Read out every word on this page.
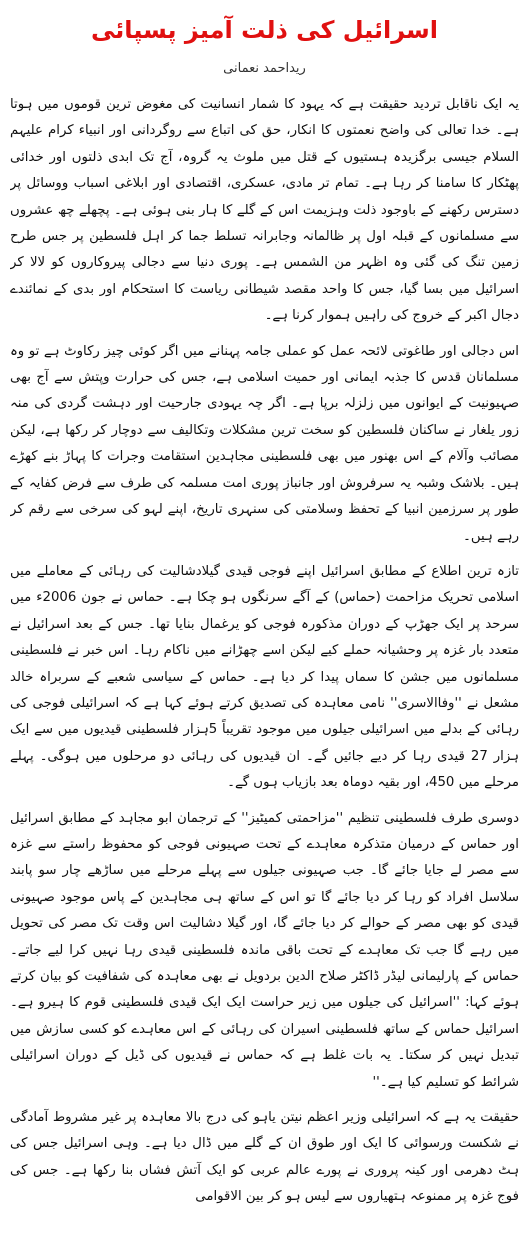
اسرائیل کی ذلت آمیز پسپائی
ریداحمد نعمانی

یہ ایک ناقابل تردید حقیقت ہے کہ یہود کا شمار انسانیت کی مغوض ترین قوموں میں ہوتا ہے۔ خدا تعالی کی واضح نعمتوں کا انکار، حق کی اتباع سے روگردانی اور انبیاء کرام علیہم السلام جیسی برگزیدہ ہستیوں کے قتل میں ملوث یہ گروہ، آج تک ابدی ذلتوں اور خدائی پھٹکار کا سامنا کر رہا ہے۔ تمام تر مادی، عسکری، اقتصادی اور ابلاغی اسباب ووسائل پر دسترس رکھنے کے باوجود ذلت وہزیمت اس کے گلے کا ہار بنی ہوئی ہے۔ پچھلے چھ عشروں سے مسلمانوں کے قبلہ اول پر ظالمانہ وجابرانہ تسلط جما کر اہل فلسطین پر جس طرح زمین تنگ کی گئی وہ اظہر من الشمس ہے۔ پوری دنیا سے دجالی پیروکاروں کو لالا کر اسرائیل میں بسا گیا، جس کا واحد مقصد شیطانی ریاست کا استحکام اور بدی کے نمائندے دجال اکبر کے خروج کی راہیں ہموار کرنا ہے۔

اس دجالی اور طاغوتی لائحہ عمل کو عملی جامہ پہنانے میں اگر کوئی چیز رکاوٹ ہے تو وہ مسلمانان قدس کا جذبہ ایمانی اور حمیت اسلامی ہے، جس کی حرارت وپتش سے آج بھی صہیونیت کے ایوانوں میں زلزلہ برپا ہے۔ اگر چہ یہودی جارحیت اور دہشت گردی کی منہ زور یلغار نے ساکنان فلسطین کو سخت ترین مشکلات وتکالیف سے دوچار کر رکھا ہے، لیکن مصائب وآلام کے اس بھنور میں بھی فلسطینی مجاہدین استقامت وجرات کا پہاڑ بنے کھڑے ہیں۔ بلاشک وشبہ یہ سرفروش اور جانباز پوری امت مسلمہ کی طرف سے فرض کفایہ کے طور پر سرزمین انبیا کے تحفظ وسلامتی کی سنہری تاریخ، اپنے لہو کی سرخی سے رقم کر رہے ہیں۔

تازہ ترین اطلاع کے مطابق اسرائیل اپنے فوجی قیدی گیلادشالیت کی رہائی کے معاملے میں اسلامی تحریک مزاحمت (حماس) کے آگے سرنگوں ہو چکا ہے۔ حماس نے جون 2006ء میں سرحد پر ایک جھڑپ کے دوران مذکورہ فوجی کو یرغمال بنایا تھا۔ جس کے بعد اسرائیل نے متعدد بار غزہ پر وحشیانہ حملے کیے لیکن اسے چھڑانے میں ناکام رہا۔ اس خبر نے فلسطینی مسلمانوں میں جشن کا سماں پیدا کر دیا ہے۔ حماس کے سیاسی شعبے کے سربراہ خالد مشعل نے ''وفاالاسری'' نامی معاہدہ کی تصدیق کرتے ہوئے کہا ہے کہ اسرائیلی فوجی کی رہائی کے بدلے میں اسرائیلی جیلوں میں موجود تقریباً 5ہزار فلسطینی قیدیوں میں سے ایک ہزار 27 قیدی رہا کر دیے جائیں گے۔ ان قیدیوں کی رہائی دو مرحلوں میں ہوگی۔ پہلے مرحلے میں 450، اور بقیہ دوماہ بعد بازیاب ہوں گے۔

دوسری طرف فلسطینی تنظیم ''مزاحمتی کمیٹیز'' کے ترجمان ابو مجاہد کے مطابق اسرائیل اور حماس کے درمیان متذکرہ معاہدے کے تحت صہیونی فوجی کو محفوظ راستے سے غزہ سے مصر لے جایا جائے گا۔ جب صہیونی جیلوں سے پہلے مرحلے میں ساڑھے چار سو پابند سلاسل افراد کو رہا کر دیا جائے گا تو اس کے ساتھ ہی مجاہدین کے پاس موجود صہیونی قیدی کو بھی مصر کے حوالے کر دیا جائے گا، اور گیلا دشالیت اس وقت تک مصر کی تحویل میں رہے گا جب تک معاہدے کے تحت باقی ماندہ فلسطینی قیدی رہا نہیں کرا لیے جاتے۔ حماس کے پارلیمانی لیڈر ڈاکٹر صلاح الدین بردویل نے بھی معاہدہ کی شفافیت کو بیان کرتے ہوئے کہا: ''اسرائیل کی جیلوں میں زیر حراست ایک ایک قیدی فلسطینی قوم کا ہیرو ہے۔ اسرائیل حماس کے ساتھ فلسطینی اسیران کی رہائی کے اس معاہدے کو کسی سازش میں تبدیل نہیں کر سکتا۔ یہ بات غلط ہے کہ حماس نے قیدیوں کی ڈیل کے دوران اسرائیلی شرائط کو تسلیم کیا ہے۔''

حقیقت یہ ہے کہ اسرائیلی وزیر اعظم نیتن یاہو کی درج بالا معاہدہ پر غیر مشروط آمادگی نے شکست ورسوائی کا ایک اور طوق ان کے گلے میں ڈال دیا ہے۔ وہی اسرائیل جس کی ہٹ دھرمی اور کینہ پروری نے پورے عالم عربی کو ایک آتش فشاں بنا رکھا ہے۔ جس کی فوج غزہ پر ممنوعہ ہتھیاروں سے لیس ہو کر بین الاقوامی
